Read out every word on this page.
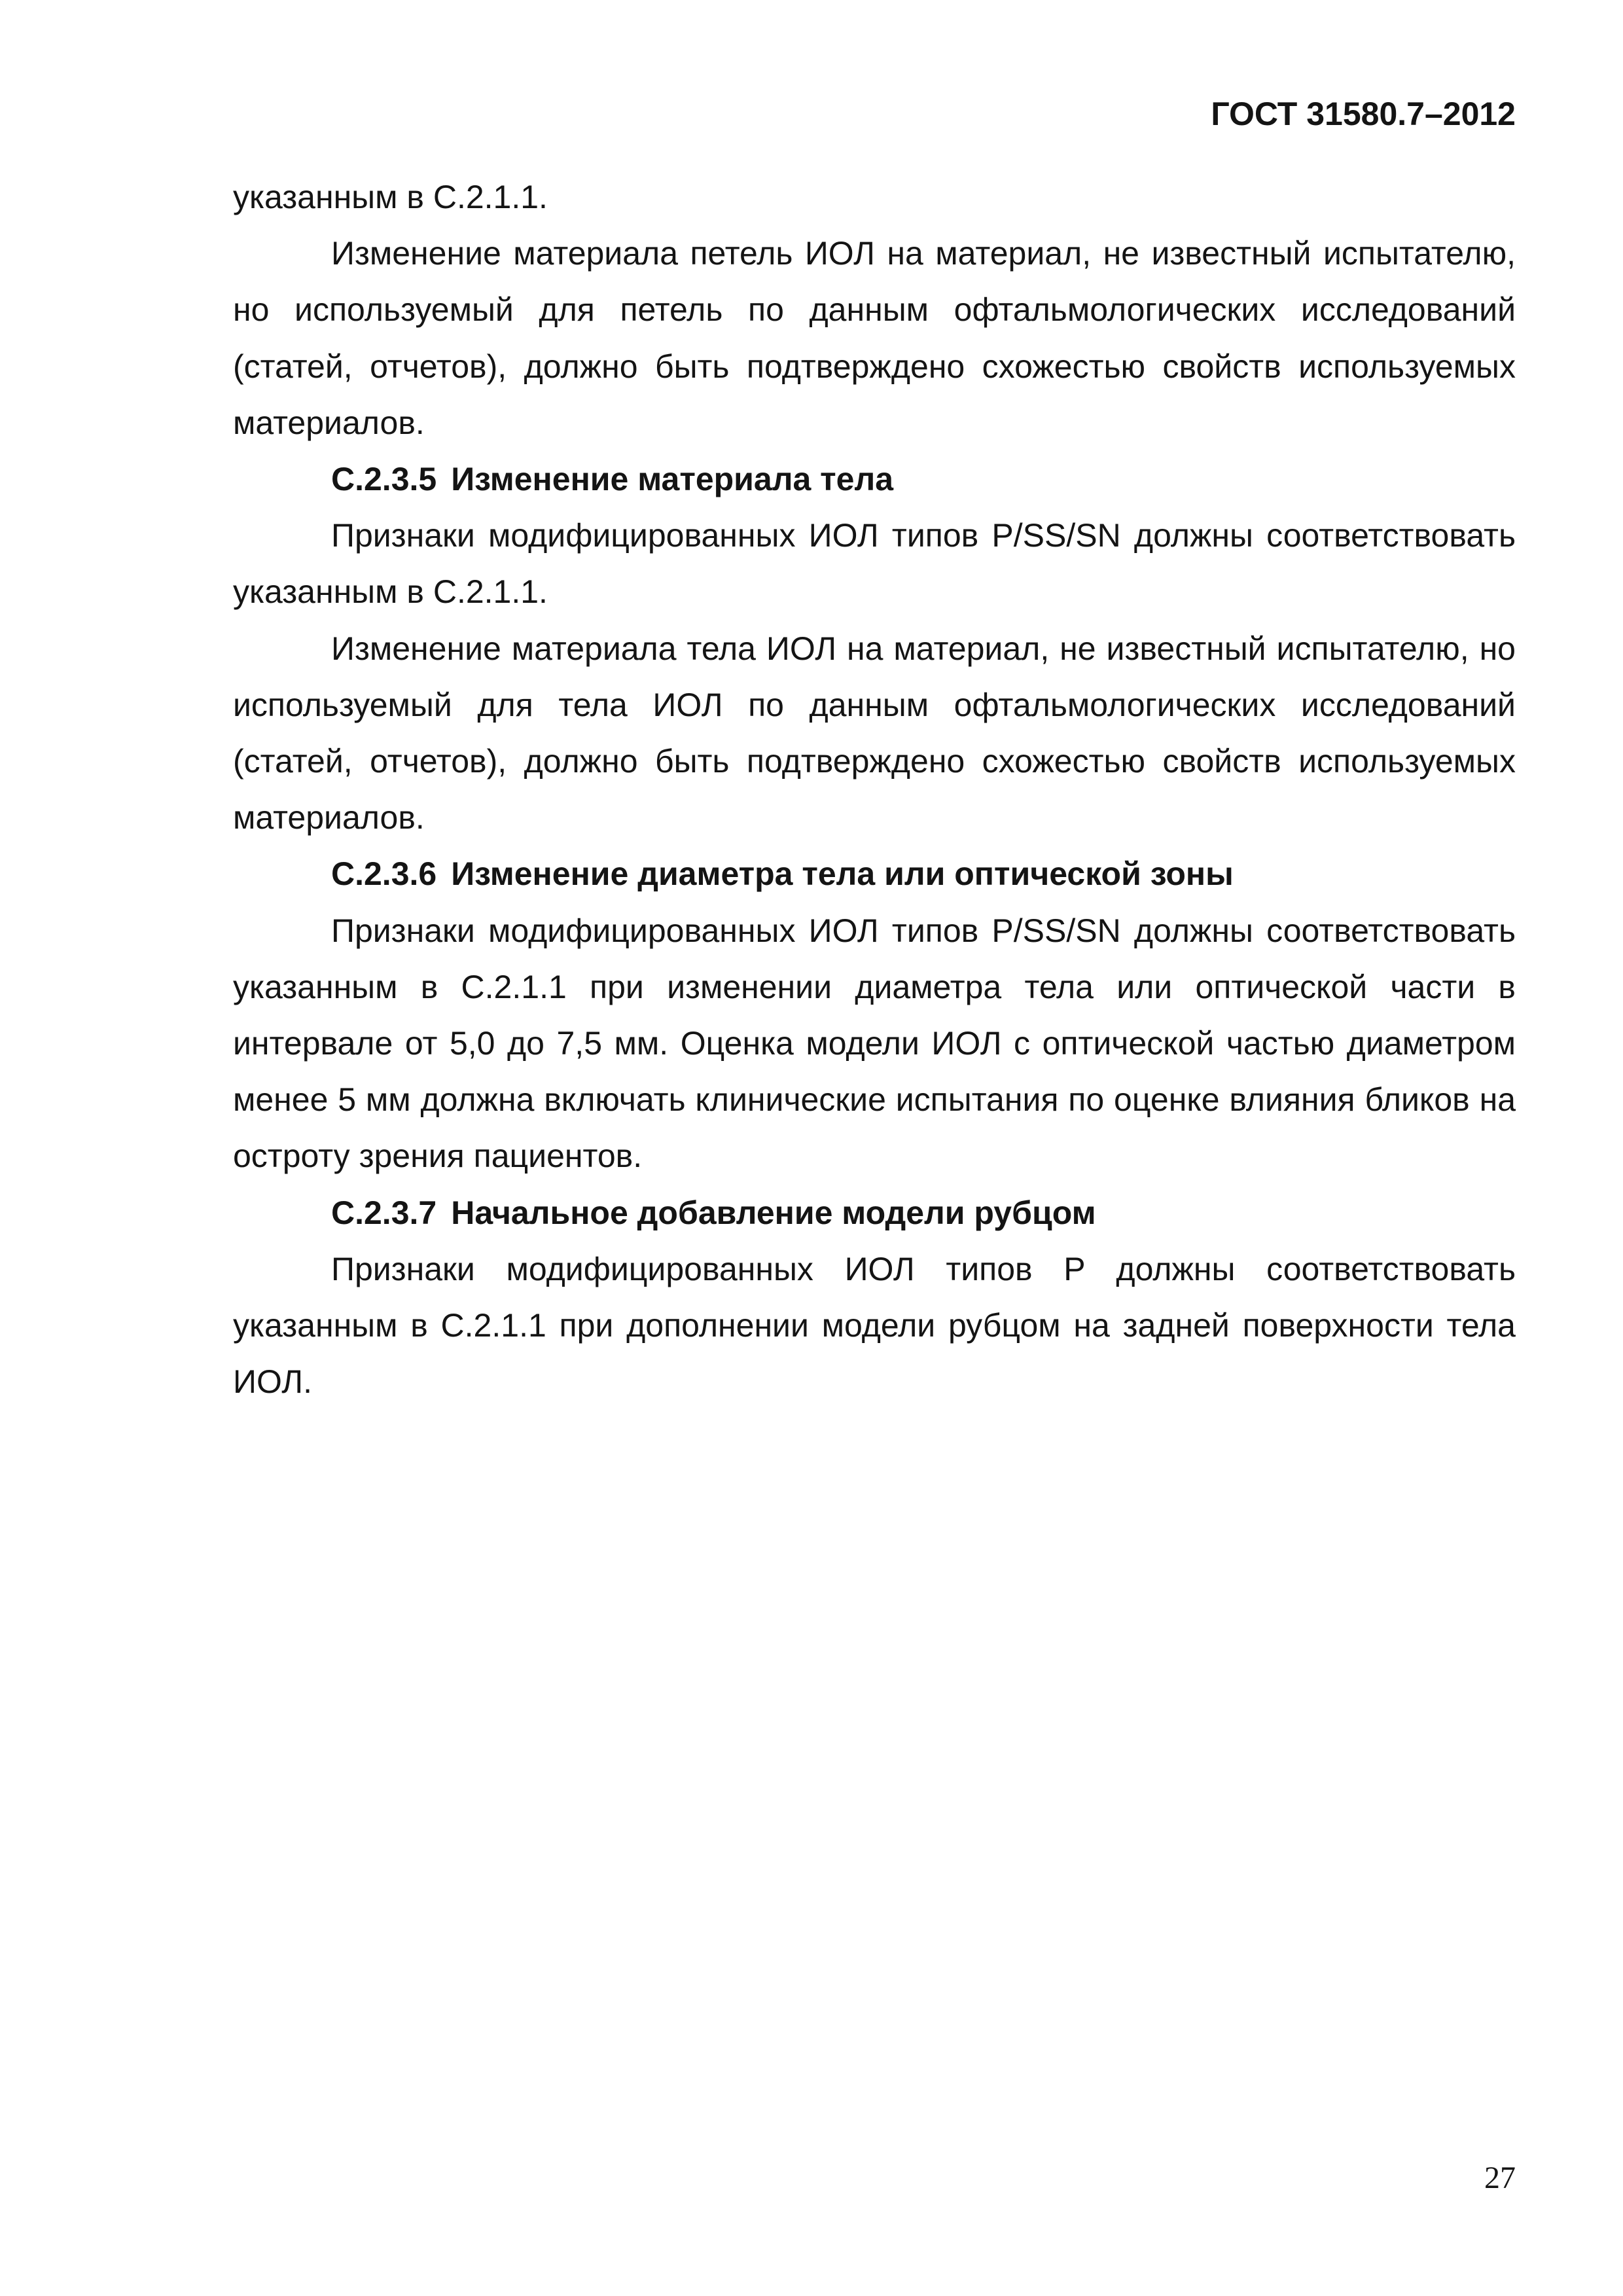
ГОСТ 31580.7–2012

указанным в С.2.1.1.

Изменение материала петель ИОЛ на материал, не известный испытателю, но используемый для петель по данным офтальмологических исследований (статей, отчетов), должно быть подтверждено схожестью свойств используемых материалов.

С.2.3.5 Изменение материала тела

Признаки модифицированных ИОЛ типов P/SS/SN должны соответствовать указанным в С.2.1.1.

Изменение материала тела ИОЛ на материал, не известный испытателю, но используемый для тела ИОЛ по данным офтальмологических исследований (статей, отчетов), должно быть подтверждено схожестью свойств используемых материалов.

С.2.3.6 Изменение диаметра тела или оптической зоны

Признаки модифицированных ИОЛ типов P/SS/SN должны соответствовать указанным в С.2.1.1 при изменении диаметра тела или оптической части в интервале от 5,0 до 7,5 мм. Оценка модели ИОЛ с оптической частью диаметром менее 5 мм должна включать клинические испытания по оценке влияния бликов на остроту зрения пациентов.

С.2.3.7 Начальное добавление модели рубцом

Признаки модифицированных ИОЛ типов P должны соответствовать указанным в С.2.1.1 при дополнении модели рубцом на задней поверхности тела ИОЛ.

27
